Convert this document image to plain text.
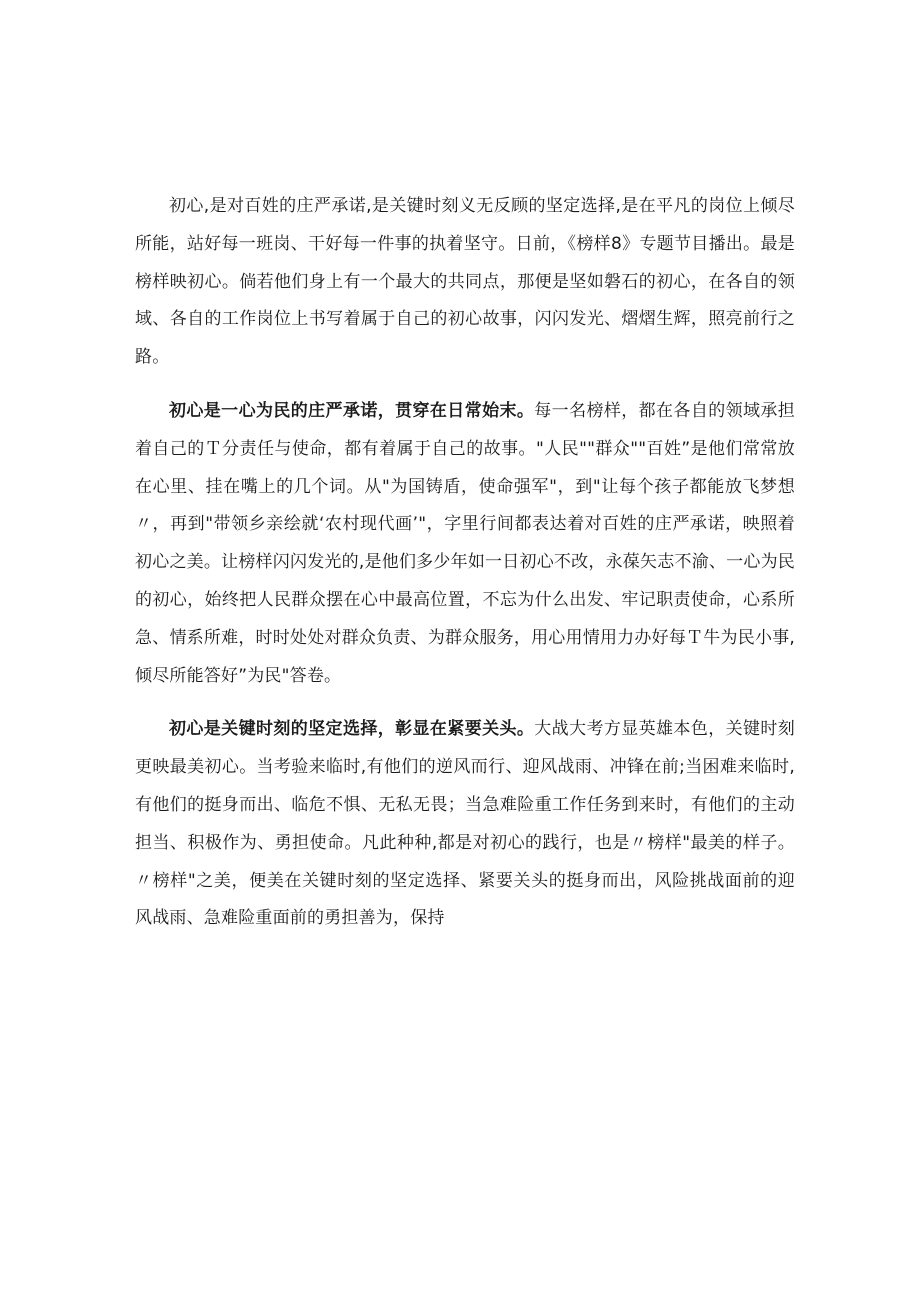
初心,是对百姓的庄严承诺,是关键时刻义无反顾的坚定选择,是在平凡的岗位上倾尽所能，站好每一班岗、干好每一件事的执着坚守。日前，《榜样8》专题节目播出。最是榜样映初心。倘若他们身上有一个最大的共同点，那便是坚如磐石的初心，在各自的领域、各自的工作岗位上书写着属于自己的初心故事，闪闪发光、熠熠生辉，照亮前行之路。

初心是一心为民的庄严承诺，贯穿在日常始末。每一名榜样，都在各自的领域承担着自己的Ｔ分责任与使命，都有着属于自己的故事。"人民""群众""百姓”是他们常常放在心里、挂在嘴上的几个词。从"为国铸盾，使命强军"，到"让每个孩子都能放飞梦想〃，再到"带领乡亲绘就‘农村现代画’"，字里行间都表达着对百姓的庄严承诺，映照着初心之美。让榜样闪闪发光的,是他们多少年如一日初心不改，永葆矢志不渝、一心为民的初心，始终把人民群众摆在心中最高位置，不忘为什么出发、牢记职责使命，心系所急、情系所难，时时处处对群众负责、为群众服务，用心用情用力办好每Ｔ牛为民小事,倾尽所能答好”为民"答卷。

初心是关键时刻的坚定选择，彰显在紧要关头。大战大考方显英雄本色，关键时刻更映最美初心。当考验来临时,有他们的逆风而行、迎风战雨、冲锋在前;当困难来临时,有他们的挺身而出、临危不惧、无私无畏；当急难险重工作任务到来时，有他们的主动担当、积极作为、勇担使命。凡此种种,都是对初心的践行，也是〃榜样"最美的样子。〃榜样"之美，便美在关键时刻的坚定选择、紧要关头的挺身而出，风险挑战面前的迎风战雨、急难险重面前的勇担善为，保持
